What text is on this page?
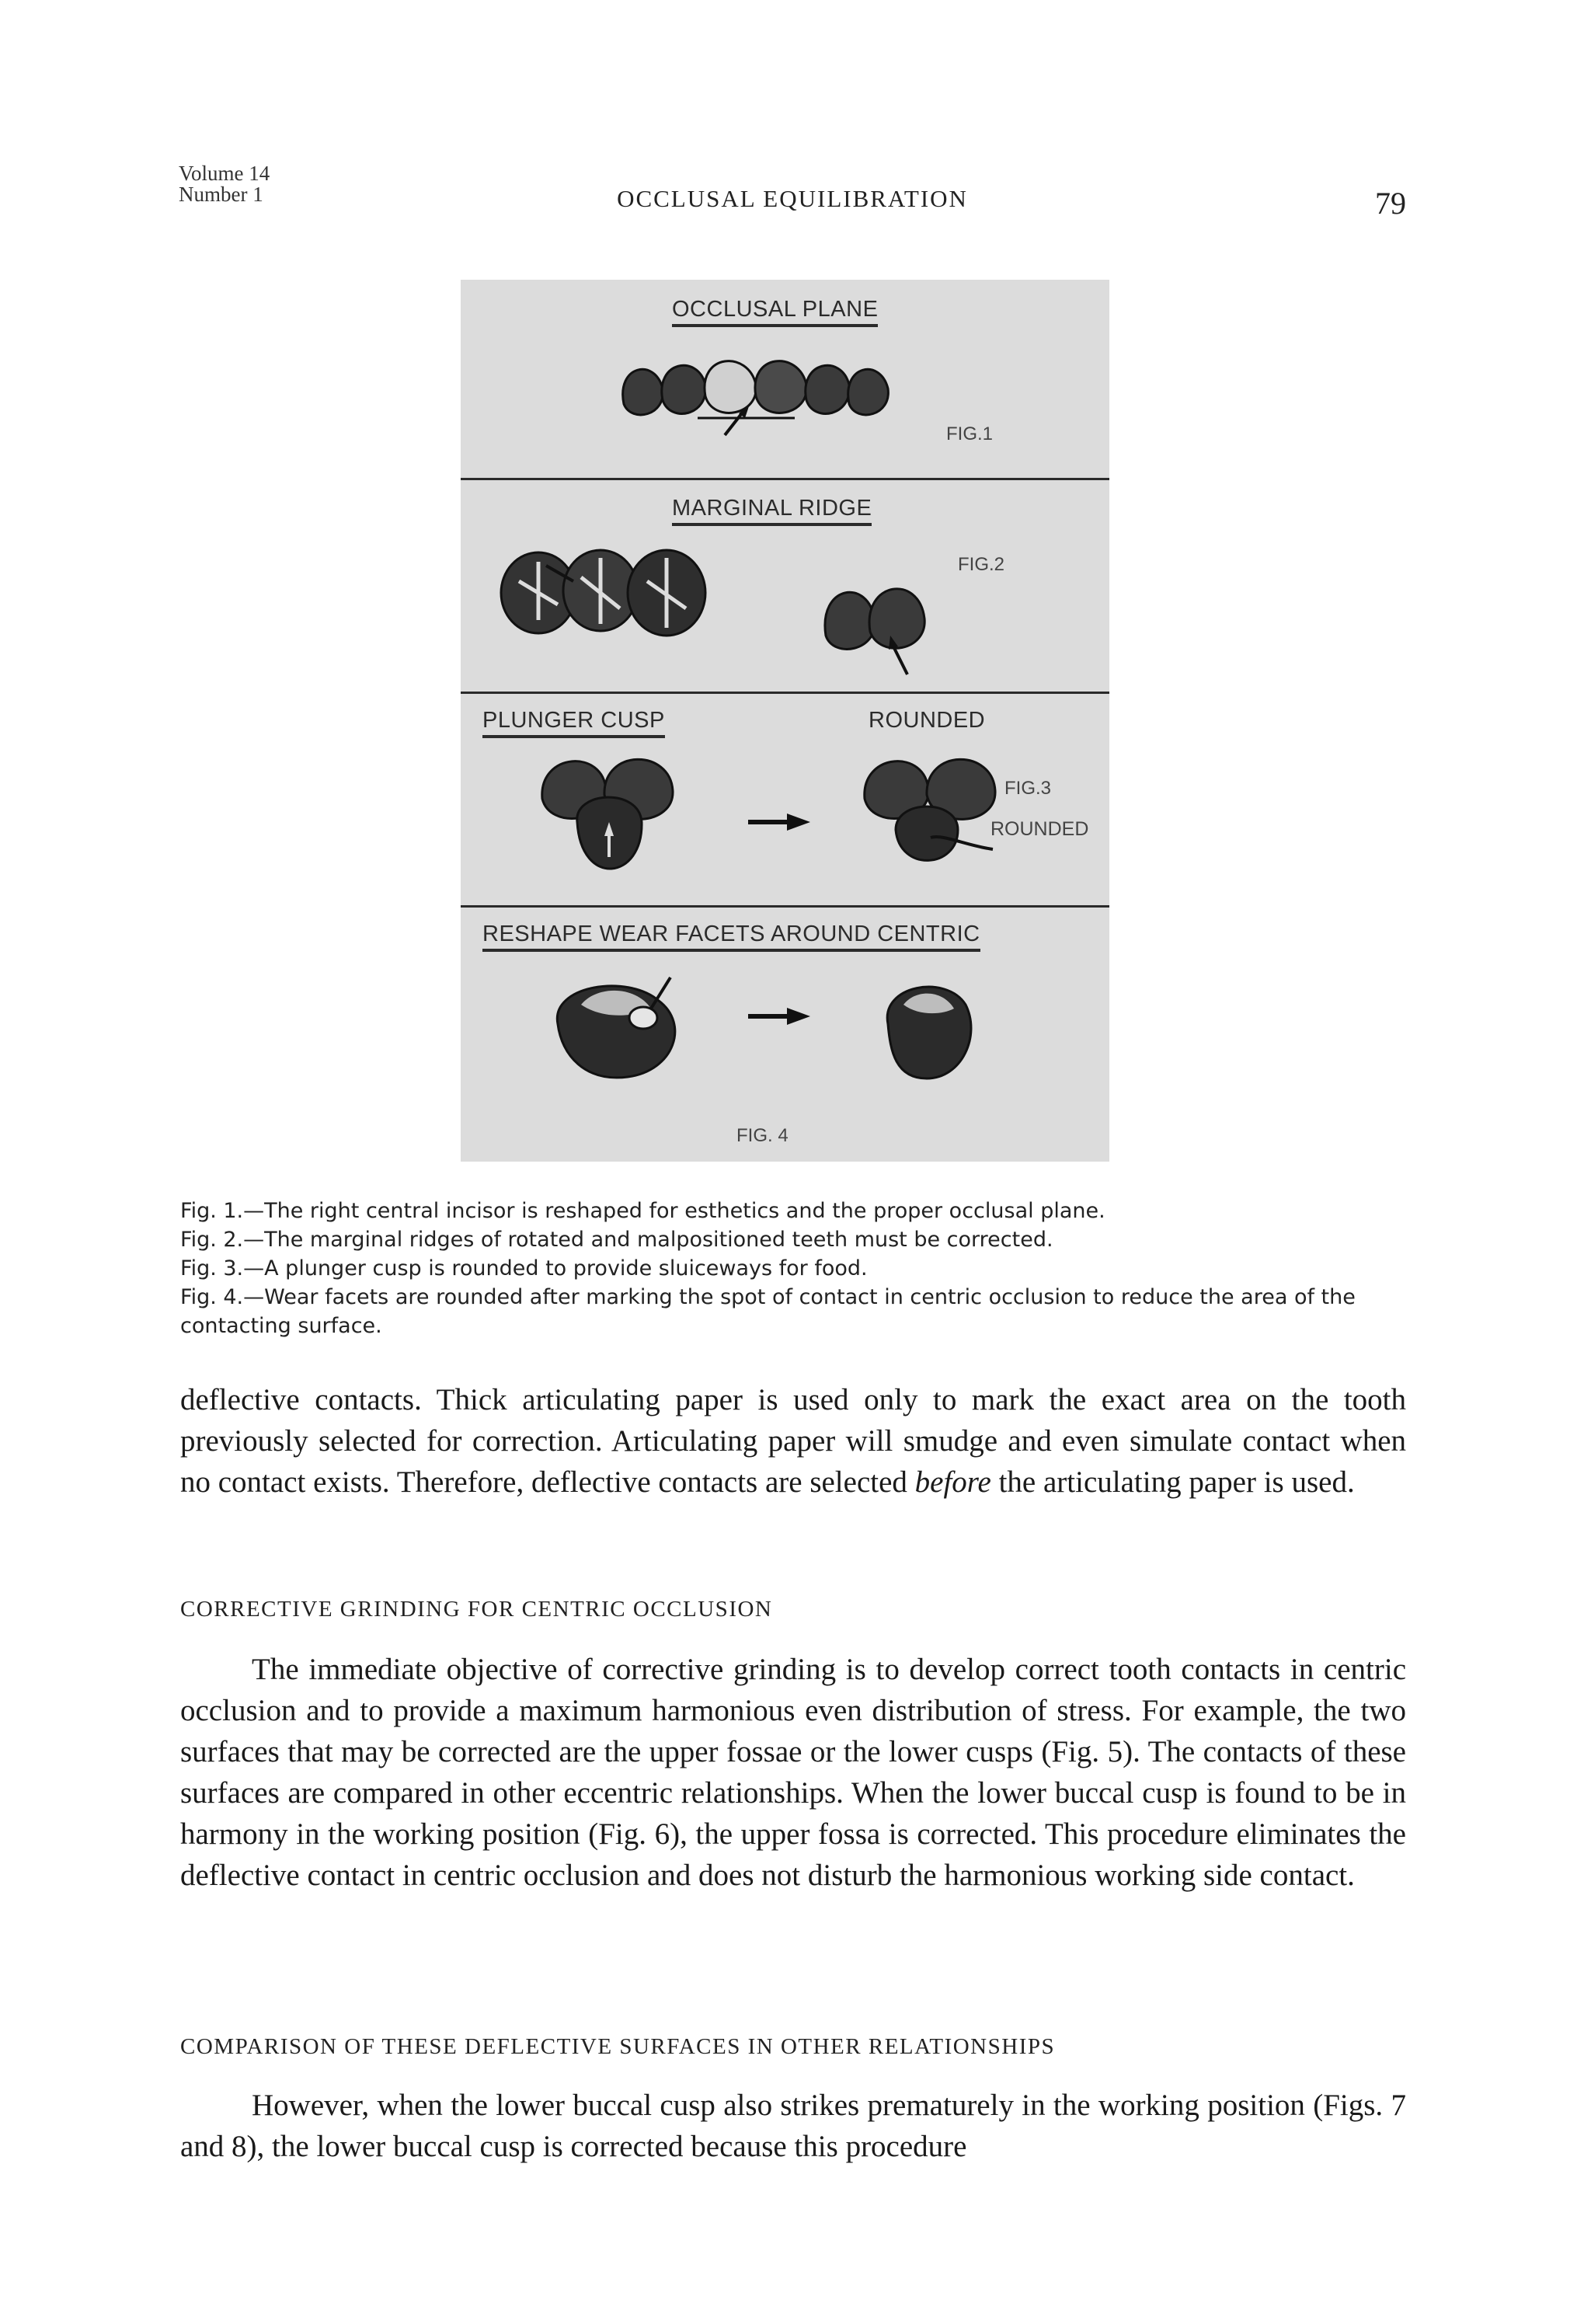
Volume 14
Number 1	OCCLUSAL EQUILIBRATION	79
OCCLUSAL PLANE
FIG.1
MARGINAL RIDGE
FIG.2
PLUNGER CUSP	ROUNDED
FIG.3
ROUNDED
RESHAPE WEAR FACETS AROUND CENTRIC
FIG. 4

Fig. 1.—The right central incisor is reshaped for esthetics and the proper occlusal plane.

Fig. 2.—The marginal ridges of rotated and malpositioned teeth must be corrected.

Fig. 3.—A plunger cusp is rounded to provide sluiceways for food.

Fig. 4.—Wear facets are rounded after marking the spot of contact in centric occlusion to reduce the area of the contacting surface.

deflective contacts. Thick articulating paper is used only to mark the exact area on the tooth previously selected for correction. Articulating paper will smudge and even simulate contact when no contact exists. Therefore, deflective contacts are selected before the articulating paper is used.

CORRECTIVE GRINDING FOR CENTRIC OCCLUSION

The immediate objective of corrective grinding is to develop correct tooth contacts in centric occlusion and to provide a maximum harmonious even distribution of stress. For example, the two surfaces that may be corrected are the upper fossae or the lower cusps (Fig. 5). The contacts of these surfaces are compared in other eccentric relationships. When the lower buccal cusp is found to be in harmony in the working position (Fig. 6), the upper fossa is corrected. This procedure eliminates the deflective contact in centric occlusion and does not disturb the harmonious working side contact.

COMPARISON OF THESE DEFLECTIVE SURFACES IN OTHER RELATIONSHIPS

However, when the lower buccal cusp also strikes prematurely in the working position (Figs. 7 and 8), the lower buccal cusp is corrected because this procedure
